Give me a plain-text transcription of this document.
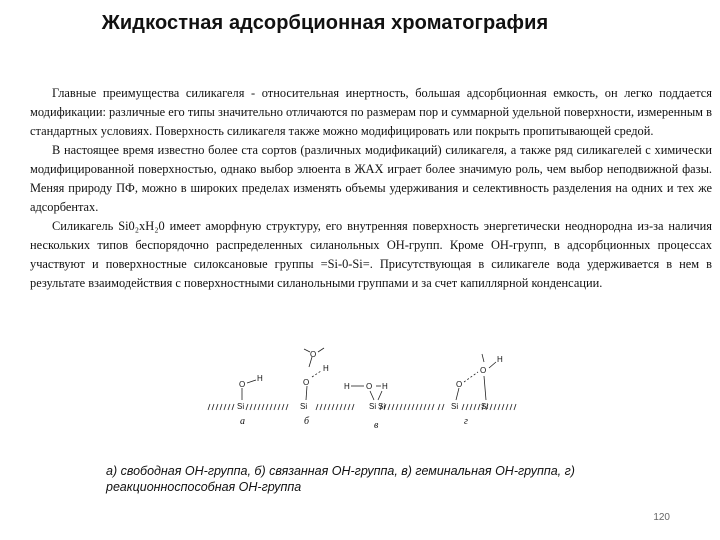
Жидкостная адсорбционная хроматография

Главные преимущества силикагеля - относительная инертность, большая адсорбционная емкость, он легко поддается модификации: различные его типы значительно отличаются по размерам пор и суммарной удельной поверхности, измеренным в стандартных условиях. Поверхность силикагеля также можно модифицировать или покрыть пропитывающей средой.

В настоящее время известно более ста сортов (различных модификаций) силикагеля, а также ряд силикагелей с химически модифицированной поверхностью, однако выбор элюента в ЖАХ играет более значимую роль, чем выбор неподвижной фазы. Меняя природу ПФ, можно в широких пределах изменять объемы удерживания и селективность разделения на одних и тех же адсорбентах.

Силикагель Si0₂хH₂0 имеет аморфную структуру, его внутренняя поверхность энергетически неоднородна из-за наличия нескольких типов беспорядочно распределенных силанольных ОН-групп. Кроме ОН-групп, в адсорбционных процессах участвуют и поверхностные силоксановые группы =Si-0-Si=. Присутствующая в силикагеле вода удерживается в нем в результате взаимодействия с поверхностными силанольными группами и за счет капиллярной конденсации.

Si
O
H
Si
O
H
O
Si Si
O
H	H
Si	Si
O
O
H
а	б	в	г
а) свободная ОН-группа, б) связанная ОН-группа, в) геминальная ОН-группа, г) реакционноспособная ОН-группа
120
